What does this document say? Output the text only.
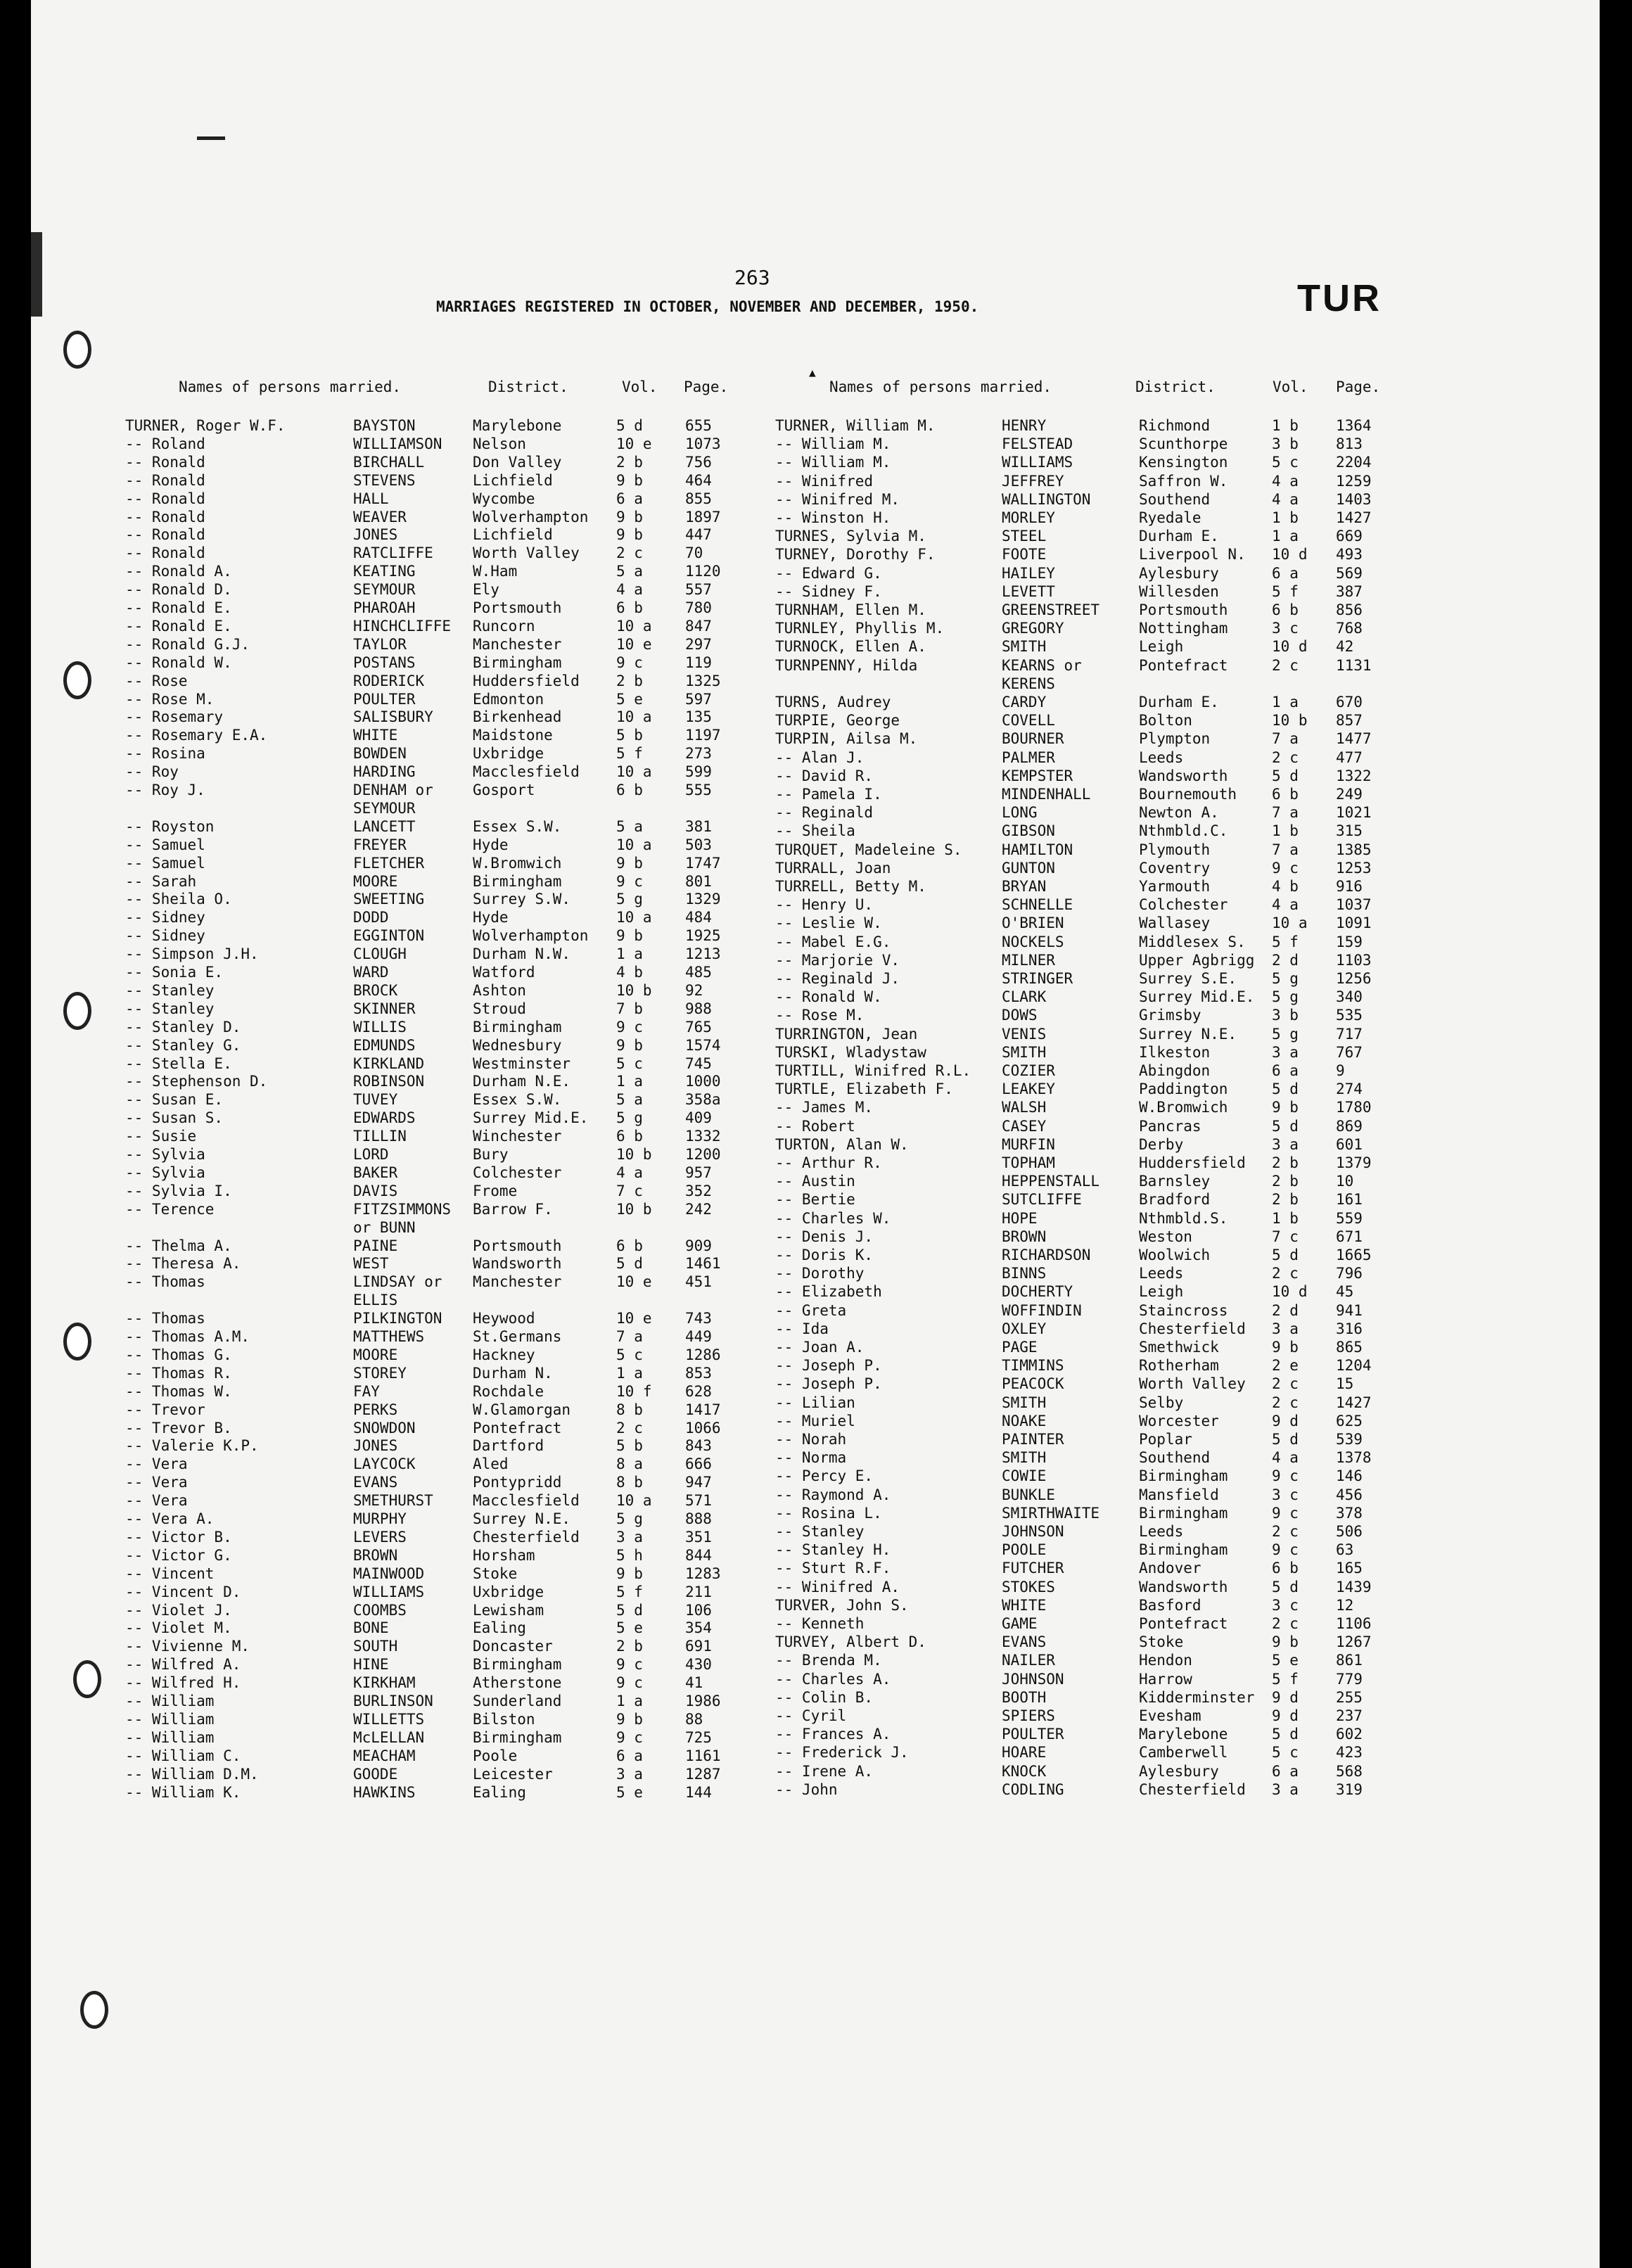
263	TUR
MARRIAGES REGISTERED IN OCTOBER, NOVEMBER AND DECEMBER, 1950.
Names of persons married.	District.	Vol. Page.	Names of persons married.	District.	Vol. Page.
TURNER, Roger W.F.	BAYSTON	Marylebone	5 d	655
-- Roland	WILLIAMSON Nelson	10 e 1073
-- Ronald	BIRCHALL	Don Valley	2 b	756
-- Ronald	STEVENS	Lichfield	9 b	464
-- Ronald	HALL	Wycombe	6 a	855
-- Ronald	WEAVER	Wolverhampton 9 b	1897
-- Ronald	JONES	Lichfield	9 b	447
-- Ronald	RATCLIFFE	Worth Valley 2 c	70
-- Ronald A.	KEATING	W.Ham	5 a	1120
-- Ronald D.	SEYMOUR	Ely	4 a	557
-- Ronald E.	PHAROAH	Portsmouth	6 b	780
-- Ronald E.	HINCHCLIFFE Runcorn	10 a 847
-- Ronald G.J.	TAYLOR	Manchester	10 e 297
-- Ronald W.	POSTANS	Birmingham	9 c	119
-- Rose	RODERICK	Huddersfield 2 b	1325
-- Rose M.	POULTER	Edmonton	5 e	597
-- Rosemary	SALISBURY	Birkenhead	10 a 135
-- Rosemary E.A.	WHITE	Maidstone	5 b	1197
-- Rosina	BOWDEN	Uxbridge	5 f	273
-- Roy	HARDING	Macclesfield 10 a 599
-- Roy J.	DENHAM or	Gosport	6 b	555
SEYMOUR
-- Royston	LANCETT	Essex S.W.	5 a	381
-- Samuel	FREYER	Hyde	10 a 503
-- Samuel	FLETCHER	W.Bromwich	9 b	1747
-- Sarah	MOORE	Birmingham	9 c	801
-- Sheila O.	SWEETING	Surrey S.W.	5 g	1329
-- Sidney	DODD	Hyde	10 a 484
-- Sidney	EGGINTON	Wolverhampton 9 b	1925
-- Simpson J.H.	CLOUGH	Durham N.W.	1 a	1213
-- Sonia E.	WARD	Watford	4 b	485
-- Stanley	BROCK	Ashton	10 b 92
-- Stanley	SKINNER	Stroud	7 b	988
-- Stanley D.	WILLIS	Birmingham	9 c	765
-- Stanley G.	EDMUNDS	Wednesbury	9 b	1574
-- Stella E.	KIRKLAND	Westminster	5 c	745
-- Stephenson D.	ROBINSON	Durham N.E.	1 a	1000
-- Susan E.	TUVEY	Essex S.W.	5 a	358a
-- Susan S.	EDWARDS	Surrey Mid.E. 5 g	409
-- Susie	TILLIN	Winchester	6 b	1332
-- Sylvia	LORD	Bury	10 b 1200
-- Sylvia	BAKER	Colchester	4 a	957
-- Sylvia I.	DAVIS	Frome	7 c	352
-- Terence	FITZSIMMONS Barrow F.	10 b 242
or BUNN
-- Thelma A.	PAINE	Portsmouth	6 b	909
-- Theresa A.	WEST	Wandsworth	5 d	1461
-- Thomas	LINDSAY or Manchester	10 e 451
ELLIS
-- Thomas	PILKINGTON Heywood	10 e 743
-- Thomas A.M.	MATTHEWS	St.Germans	7 a	449
-- Thomas G.	MOORE	Hackney	5 c	1286
-- Thomas R.	STOREY	Durham N.	1 a	853
-- Thomas W.	FAY	Rochdale	10 f 628
-- Trevor	PERKS	W.Glamorgan	8 b	1417
-- Trevor B.	SNOWDON	Pontefract	2 c	1066
-- Valerie K.P.	JONES	Dartford	5 b	843
-- Vera	LAYCOCK	Aled	8 a	666
-- Vera	EVANS	Pontypridd	8 b	947
-- Vera	SMETHURST	Macclesfield 10 a 571
-- Vera A.	MURPHY	Surrey N.E.	5 g	888
-- Victor B.	LEVERS	Chesterfield 3 a	351
-- Victor G.	BROWN	Horsham	5 h	844
-- Vincent	MAINWOOD	Stoke	9 b	1283
-- Vincent D.	WILLIAMS	Uxbridge	5 f	211
-- Violet J.	COOMBS	Lewisham	5 d	106
-- Violet M.	BONE	Ealing	5 e	354
-- Vivienne M.	SOUTH	Doncaster	2 b	691
-- Wilfred A.	HINE	Birmingham	9 c	430
-- Wilfred H.	KIRKHAM	Atherstone	9 c	41
-- William	BURLINSON	Sunderland	1 a	1986
-- William	WILLETTS	Bilston	9 b	88
-- William	McLELLAN	Birmingham	9 c	725
-- William C.	MEACHAM	Poole	6 a	1161
-- William D.M.	GOODE	Leicester	3 a	1287
-- William K.	HAWKINS	Ealing	5 e	144
TURNER, William M.	HENRY	Richmond	1 b	1364
-- William M.	FELSTEAD	Scunthorpe	3 b	813
-- William M.	WILLIAMS	Kensington	5 c	2204
-- Winifred	JEFFREY	Saffron W.	4 a	1259
-- Winifred M.	WALLINGTON	Southend	4 a	1403
-- Winston H.	MORLEY	Ryedale	1 b	1427
TURNES, Sylvia M.	STEEL	Durham E.	1 a	669
TURNEY, Dorothy F.	FOOTE	Liverpool N. 10 d 493
-- Edward G.	HAILEY	Aylesbury	6 a	569
-- Sidney F.	LEVETT	Willesden	5 f	387
TURNHAM, Ellen M.	GREENSTREET	Portsmouth	6 b	856
TURNLEY, Phyllis M.	GREGORY	Nottingham	3 c	768
TURNOCK, Ellen A.	SMITH	Leigh	10 d 42
TURNPENNY, Hilda	KEARNS or	Pontefract	2 c	1131
KERENS
TURNS, Audrey	CARDY	Durham E.	1 a	670
TURPIE, George	COVELL	Bolton	10 b 857
TURPIN, Ailsa M.	BOURNER	Plympton	7 a	1477
-- Alan J.	PALMER	Leeds	2 c	477
-- David R.	KEMPSTER	Wandsworth	5 d	1322
-- Pamela I.	MINDENHALL	Bournemouth 6 b	249
-- Reginald	LONG	Newton A.	7 a	1021
-- Sheila	GIBSON	Nthmbld.C.	1 b	315
TURQUET, Madeleine S.	HAMILTON	Plymouth	7 a	1385
TURRALL, Joan	GUNTON	Coventry	9 c	1253
TURRELL, Betty M.	BRYAN	Yarmouth	4 b	916
-- Henry U.	SCHNELLE	Colchester	4 a	1037
-- Leslie W.	O'BRIEN	Wallasey	10 a 1091
-- Mabel E.G.	NOCKELS	Middlesex S. 5 f	159
-- Marjorie V.	MILNER	Upper Agbrigg 2 d	1103
-- Reginald J.	STRINGER	Surrey S.E. 5 g	1256
-- Ronald W.	CLARK	Surrey Mid.E. 5 g	340
-- Rose M.	DOWS	Grimsby	3 b	535
TURRINGTON, Jean	VENIS	Surrey N.E. 5 g	717
TURSKI, Wladystaw	SMITH	Ilkeston	3 a	767
TURTILL, Winifred R.L. COZIER	Abingdon	6 a	9
TURTLE, Elizabeth F.	LEAKEY	Paddington	5 d	274
-- James M.	WALSH	W.Bromwich	9 b	1780
-- Robert	CASEY	Pancras	5 d	869
TURTON, Alan W.	MURFIN	Derby	3 a	601
-- Arthur R.	TOPHAM	Huddersfield 2 b	1379
-- Austin	HEPPENSTALL	Barnsley	2 b	10
-- Bertie	SUTCLIFFE	Bradford	2 b	161
-- Charles W.	HOPE	Nthmbld.S.	1 b	559
-- Denis J.	BROWN	Weston	7 c	671
-- Doris K.	RICHARDSON	Woolwich	5 d	1665
-- Dorothy	BINNS	Leeds	2 c	796
-- Elizabeth	DOCHERTY	Leigh	10 d 45
-- Greta	WOFFINDIN	Staincross	2 d	941
-- Ida	OXLEY	Chesterfield 3 a	316
-- Joan A.	PAGE	Smethwick	9 b	865
-- Joseph P.	TIMMINS	Rotherham	2 e	1204
-- Joseph P.	PEACOCK	Worth Valley 2 c	15
-- Lilian	SMITH	Selby	2 c	1427
-- Muriel	NOAKE	Worcester	9 d	625
-- Norah	PAINTER	Poplar	5 d	539
-- Norma	SMITH	Southend	4 a	1378
-- Percy E.	COWIE	Birmingham	9 c	146
-- Raymond A.	BUNKLE	Mansfield	3 c	456
-- Rosina L.	SMIRTHWAITE	Birmingham	9 c	378
-- Stanley	JOHNSON	Leeds	2 c	506
-- Stanley H.	POOLE	Birmingham	9 c	63
-- Sturt R.F.	FUTCHER	Andover	6 b	165
-- Winifred A.	STOKES	Wandsworth	5 d	1439
TURVER, John S.	WHITE	Basford	3 c	12
-- Kenneth	GAME	Pontefract	2 c	1106
TURVEY, Albert D.	EVANS	Stoke	9 b	1267
-- Brenda M.	NAILER	Hendon	5 e	861
-- Charles A.	JOHNSON	Harrow	5 f	779
-- Colin B.	BOOTH	Kidderminster 9 d	255
-- Cyril	SPIERS	Evesham	9 d	237
-- Frances A.	POULTER	Marylebone	5 d	602
-- Frederick J.	HOARE	Camberwell	5 c	423
-- Irene A.	KNOCK	Aylesbury	6 a	568
-- John	CODLING	Chesterfield 3 a	319
▲
